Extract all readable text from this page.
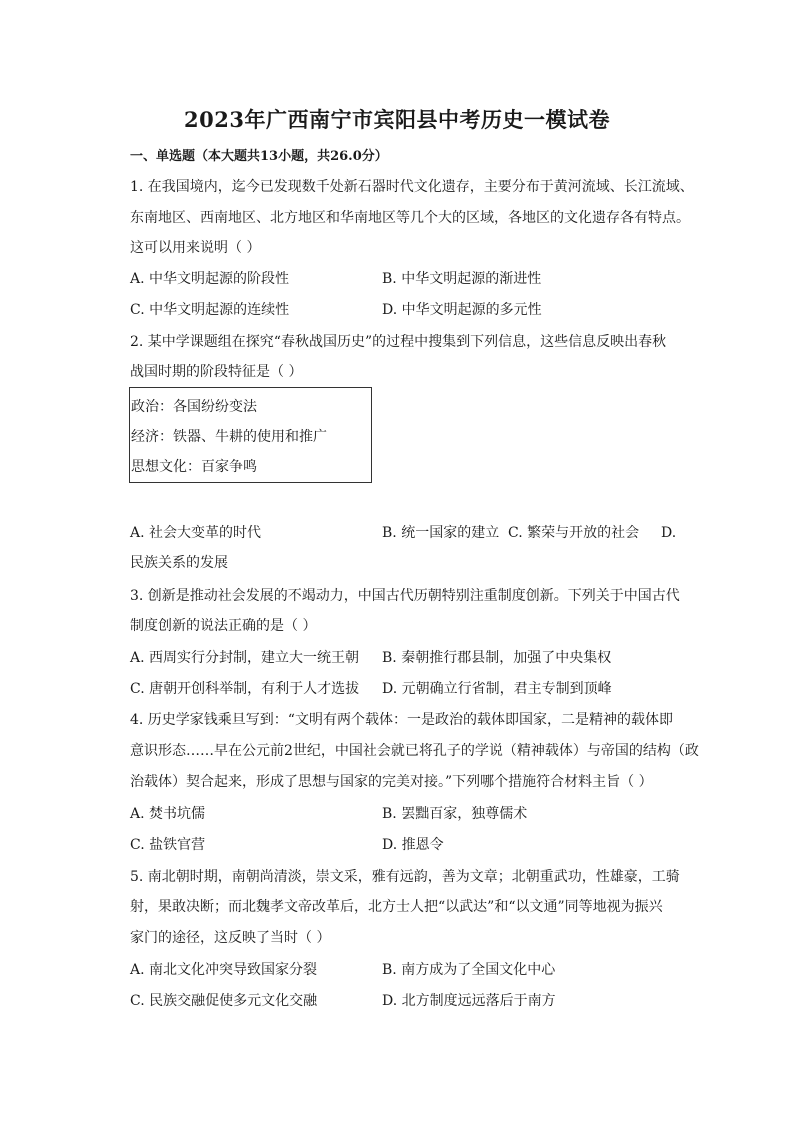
2023年广西南宁市宾阳县中考历史一模试卷
一、单选题（本大题共13小题，共26.0分）
1. 在我国境内，迄今已发现数千处新石器时代文化遗存，主要分布于黄河流域、长江流域、
东南地区、西南地区、北方地区和华南地区等几个大的区域，各地区的文化遗存各有特点。
这可以用来说明（ ）
A. 中华文明起源的阶段性	B. 中华文明起源的渐进性
C. 中华文明起源的连续性	D. 中华文明起源的多元性
2. 某中学课题组在探究“春秋战国历史”的过程中搜集到下列信息，这些信息反映出春秋
战国时期的阶段特征是（ ）
政治：各国纷纷变法
经济：铁器、牛耕的使用和推广
思想文化：百家争鸣
A. 社会大变革的时代	B. 统一国家的建立 C. 繁荣与开放的社会 D.
民族关系的发展
3. 创新是推动社会发展的不竭动力，中国古代历朝特别注重制度创新。下列关于中国古代
制度创新的说法正确的是（ ）
A. 西周实行分封制，建立大一统王朝 B. 秦朝推行郡县制，加强了中央集权
C. 唐朝开创科举制，有利于人才选拔 D. 元朝确立行省制，君主专制到顶峰
4. 历史学家钱乘旦写到：“文明有两个载体：一是政治的载体即国家，二是精神的载体即
意识形态……早在公元前2世纪，中国社会就已将孔子的学说（精神载体）与帝国的结构（政
治载体）契合起来，形成了思想与国家的完美对接。”下列哪个措施符合材料主旨（ ）
A. 焚书坑儒	B. 罢黜百家，独尊儒术
C. 盐铁官营	D. 推恩令
5. 南北朝时期，南朝尚清淡，崇文采，雅有远韵，善为文章；北朝重武功，性雄豪，工骑
射，果敢决断；而北魏孝文帝改革后，北方士人把“以武达”和“以文通”同等地视为振兴
家门的途径，这反映了当时（ ）
A. 南北文化冲突导致国家分裂	B. 南方成为了全国文化中心
C. 民族交融促使多元文化交融	D. 北方制度远远落后于南方
